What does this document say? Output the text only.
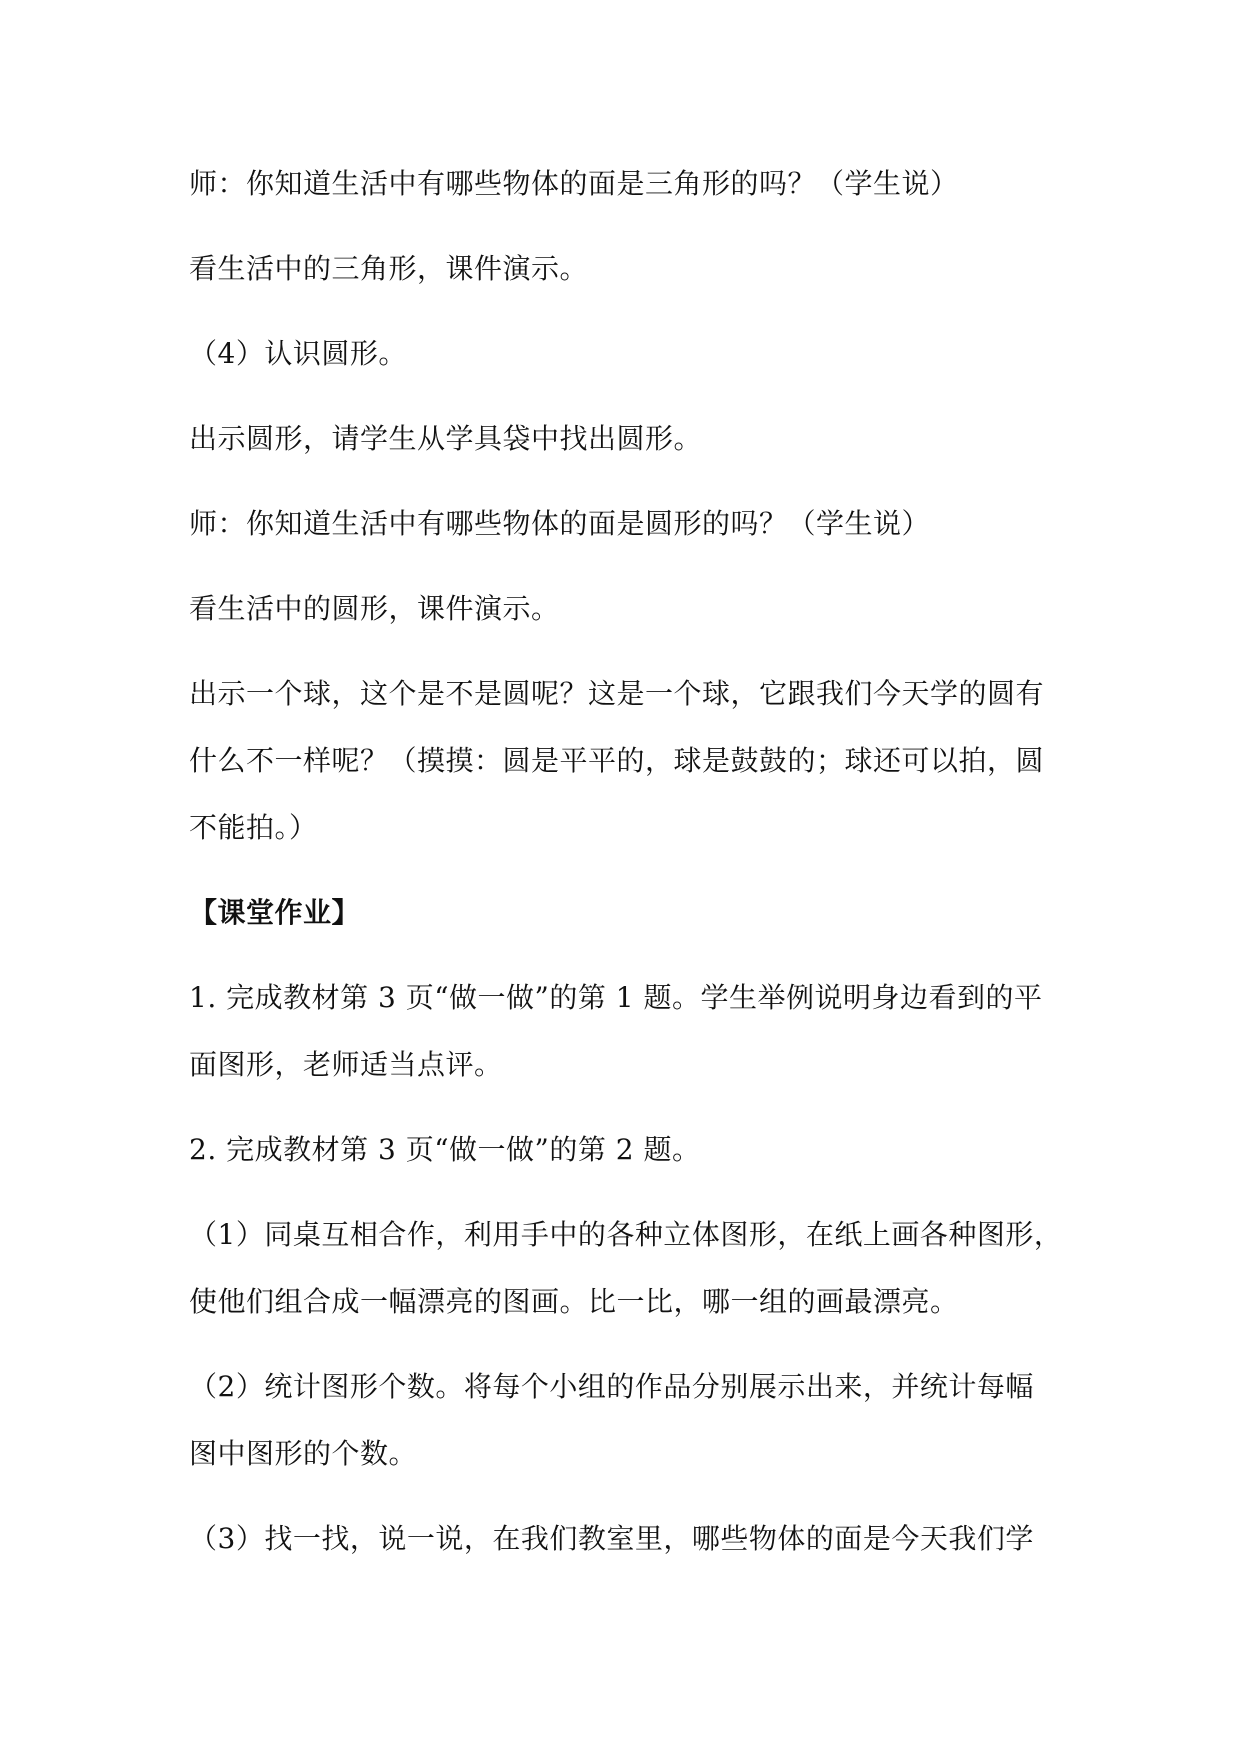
师：你知道生活中有哪些物体的面是三角形的吗？（学生说）
看生活中的三角形，课件演示。
（4）认识圆形。
出示圆形，请学生从学具袋中找出圆形。
师：你知道生活中有哪些物体的面是圆形的吗？（学生说）
看生活中的圆形，课件演示。
出示一个球，这个是不是圆呢？这是一个球，它跟我们今天学的圆有
什么不一样呢？（摸摸：圆是平平的，球是鼓鼓的；球还可以拍，圆
不能拍。）
【课堂作业】
1. 完成教材第 3 页“做一做”的第 1 题。学生举例说明身边看到的平
面图形，老师适当点评。
2. 完成教材第 3 页“做一做”的第 2 题。
（1）同桌互相合作，利用手中的各种立体图形，在纸上画各种图形，
使他们组合成一幅漂亮的图画。比一比，哪一组的画最漂亮。
（2）统计图形个数。将每个小组的作品分别展示出来，并统计每幅
图中图形的个数。
（3）找一找，说一说，在我们教室里，哪些物体的面是今天我们学
